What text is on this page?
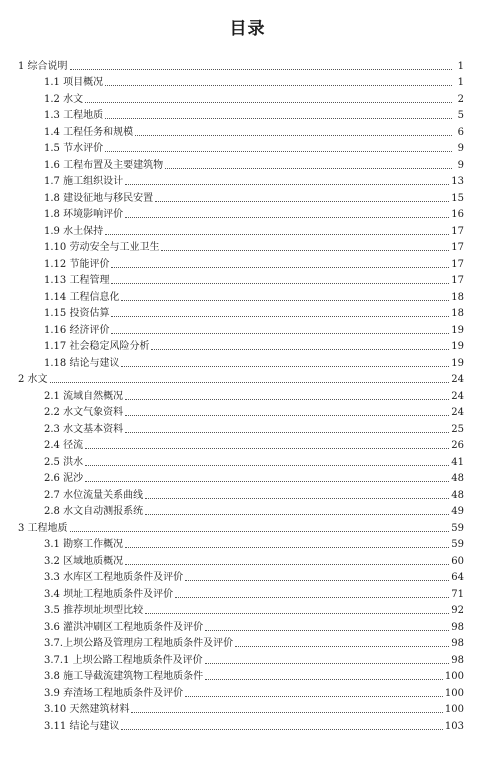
目录
1 综合说明	1
1.1 项目概况	1
1.2 水文	2
1.3 工程地质	5
1.4 工程任务和规模	6
1.5 节水评价	9
1.6 工程布置及主要建筑物	9
1.7 施工组织设计	13
1.8 建设征地与移民安置	15
1.8 环境影响评价	16
1.9 水土保持	17
1.10 劳动安全与工业卫生	17
1.12 节能评价	17
1.13 工程管理	17
1.14 工程信息化	18
1.15 投资估算	18
1.16 经济评价	19
1.17 社会稳定风险分析	19
1.18 结论与建议	19
2 水文	24
2.1 流域自然概况	24
2.2 水文气象资料	24
2.3 水文基本资料	25
2.4 径流	26
2.5 洪水	41
2.6 泥沙	48
2.7 水位流量关系曲线	48
2.8 水文自动测报系统	49
3 工程地质	59
3.1 勘察工作概况	59
3.2 区域地质概况	60
3.3 水库区工程地质条件及评价	64
3.4 坝址工程地质条件及评价	71
3.5 推荐坝址坝型比较	92
3.6 灌洪冲刷区工程地质条件及评价	98
3.7.上坝公路及管理房工程地质条件及评价	98
3.7.1 上坝公路工程地质条件及评价	98
3.8 施工导截流建筑物工程地质条件	100
3.9 弃渣场工程地质条件及评价	100
3.10 天然建筑材料	100
3.11 结论与建议	103
